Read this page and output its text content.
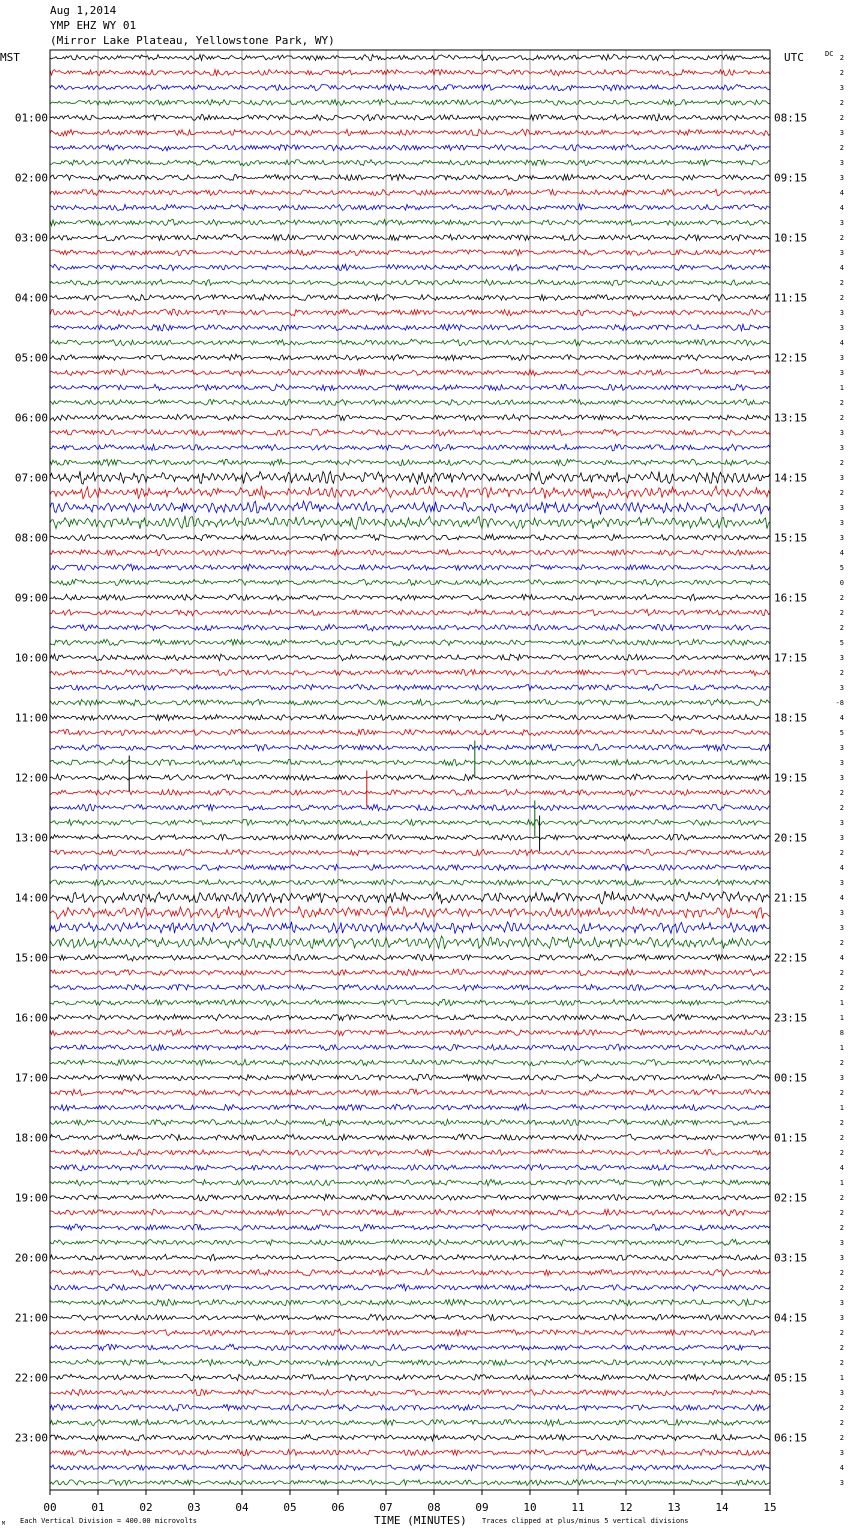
Aug 1,2014
YMP EHZ WY 01
(Mirror Lake Plateau, Yellowstone Park, WY)
MST	UTC	DC
01:00
02:00
03:00
04:00
05:00
06:00
07:00
08:00
09:00
10:00
11:00
12:00
13:00
14:00
15:00
16:00
17:00
18:00
19:00
20:00
21:00
22:00
23:00
08:15
09:15
10:15
11:15
12:15
13:15
14:15
15:15
16:15
17:15
18:15
19:15
20:15
21:15
22:15
23:15
00:15
01:15
02:15
03:15
04:15
05:15
06:15
2
2
3
2
2
3
2
3
3
4
4
3
2
3
4
2
2
3
3
4
3
3
1
2
2
3
3
2
3
2
3
3
3
4
5
0
2
2
2
5
3
2
3
-8
4
5
3
3
3
2
2
3
3
2
4
3
4
3
3
2
4
2
2
1
1
8
1
2
3
2
1
2
2
2
4
1
2
2
2
3
3
2
2
3
3
2
2
2
1
3
2
2
2
3
4
3
00	01	02	03	04	05	06	07	08	09	10	11	12	13	14	15
TIME (MINUTES)
Each Vertical Division = 400.00 microvolts	Traces clipped at plus/minus 5 vertical divisions
M
